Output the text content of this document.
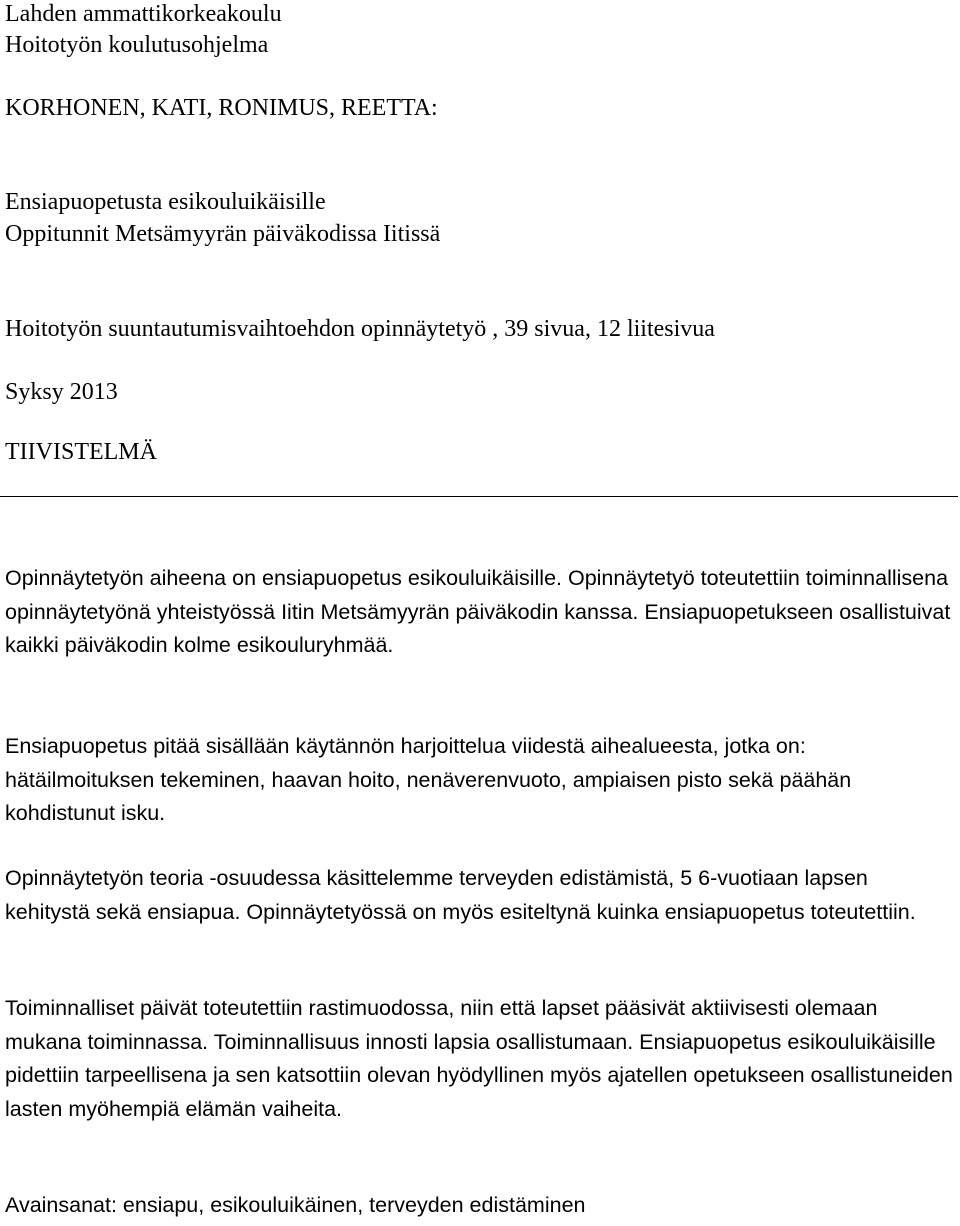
Lahden ammattikorkeakoulu

Hoitotyön koulutusohjelma

KORHONEN, KATI, RONIMUS, REETTA:

Ensiapuopetusta esikouluikäisille

Oppitunnit Metsämyyrän päiväkodissa Iitissä

Hoitotyön suuntautumisvaihtoehdon opinnäytetyö , 39 sivua, 12 liitesivua

Syksy 2013

TIIVISTELMÄ

Opinnäytetyön aiheena on ensiapuopetus esikouluikäisille. Opinnäytetyö toteutettiin toiminnallisena opinnäytetyönä yhteistyössä Iitin Metsämyyrän päiväkodin kanssa. Ensiapuopetukseen osallistuivat kaikki päiväkodin kolme esikouluryhmää.

Ensiapuopetus pitää sisällään käytännön harjoittelua viidestä aihealueesta, jotka on: hätäilmoituksen tekeminen, haavan hoito, nenäverenvuoto, ampiaisen pisto sekä päähän kohdistunut isku.

Opinnäytetyön teoria -osuudessa käsittelemme terveyden edistämistä, 5 6-vuotiaan lapsen kehitystä sekä ensiapua. Opinnäytetyössä on myös esiteltynä kuinka ensiapuopetus toteutettiin.

Toiminnalliset päivät toteutettiin rastimuodossa, niin että lapset pääsivät aktiivisesti olemaan mukana toiminnassa. Toiminnallisuus innosti lapsia osallistumaan. Ensiapuopetus esikouluikäisille pidettiin tarpeellisena ja sen katsottiin olevan hyödyllinen myös ajatellen opetukseen osallistuneiden lasten myöhempiä elämän vaiheita.

Avainsanat: ensiapu, esikouluikäinen, terveyden edistäminen
